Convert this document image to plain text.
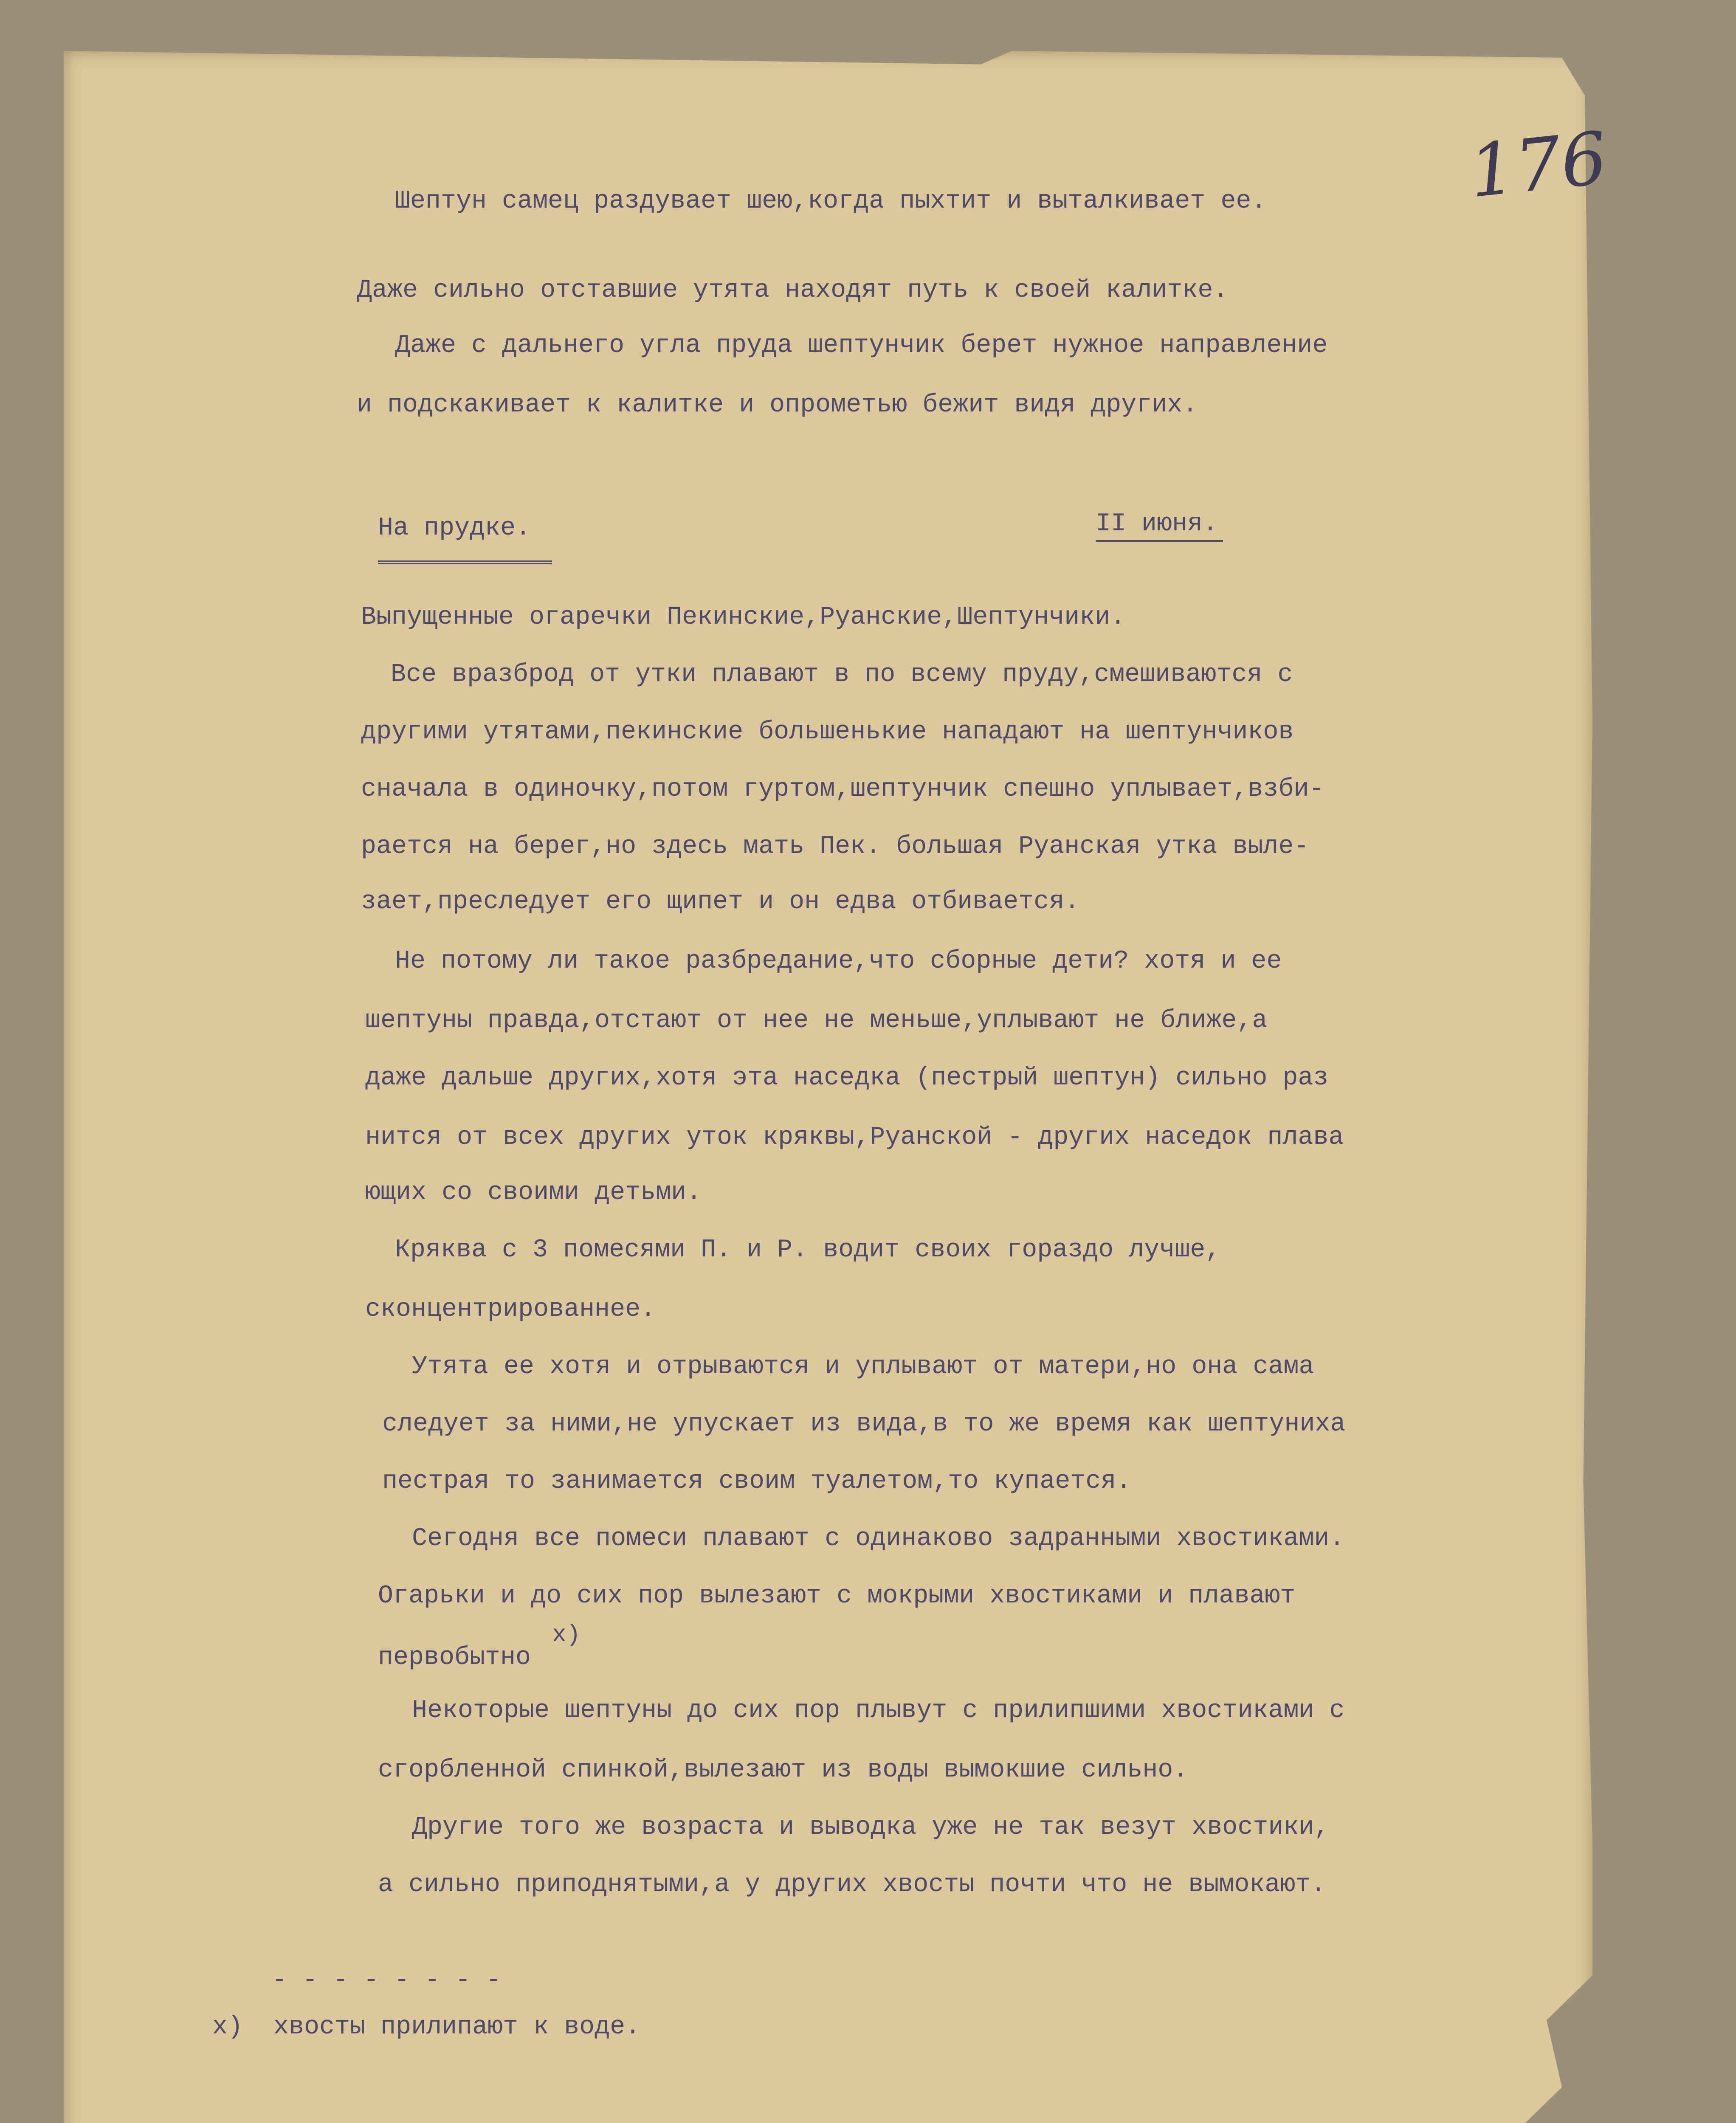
176

Шептун самец раздувает шею,когда пыхтит и выталкивает ее.

Даже сильно отставшие утята находят путь к своей калитке.

Даже с дальнего угла пруда шептунчик берет нужное направление

и подскакивает к калитке и опрометью бежит видя других.

На прудке.	II июня.

Выпущенные огаречки Пекинские,Руанские,Шептунчики.

Все вразброд от утки плавают в по всему пруду,смешиваются с

другими утятами,пекинские большенькие нападают на шептунчиков

сначала в одиночку,потом гуртом,шептунчик спешно уплывает,взби-

рается на берег,но здесь мать Пек. большая Руанская утка выле-

зает,преследует его щипет и он едва отбивается.

Не потому ли такое разбредание,что сборные дети? хотя и ее

шептуны правда,отстают от нее не меньше,уплывают не ближе,а

даже дальше других,хотя эта наседка (пестрый шептун) сильно раз

нится от всех других уток кряквы,Руанской - других наседок плава

ющих со своими детьми.

Кряква с 3 помесями П. и Р. водит своих гораздо лучше,

сконцентрированнее.

Утята ее хотя и отрываются и уплывают от матери,но она сама

следует за ними,не упускает из вида,в то же время как шептуниха

пестрая то занимается своим туалетом,то купается.

Сегодня все помеси плавают с одинаково задранными хвостиками.

Огарьки и до сих пор вылезают с мокрыми хвостиками и плавают

первобытно

x)

Некоторые шептуны до сих пор плывут с прилипшими хвостиками с

сгорбленной спинкой,вылезают из воды вымокшие сильно.

Другие того же возраста и выводка уже не так везут хвостики,

а сильно приподнятыми,а у других хвосты почти что не вымокают.

- - - - - - - -

x)  хвосты прилипают к воде.
